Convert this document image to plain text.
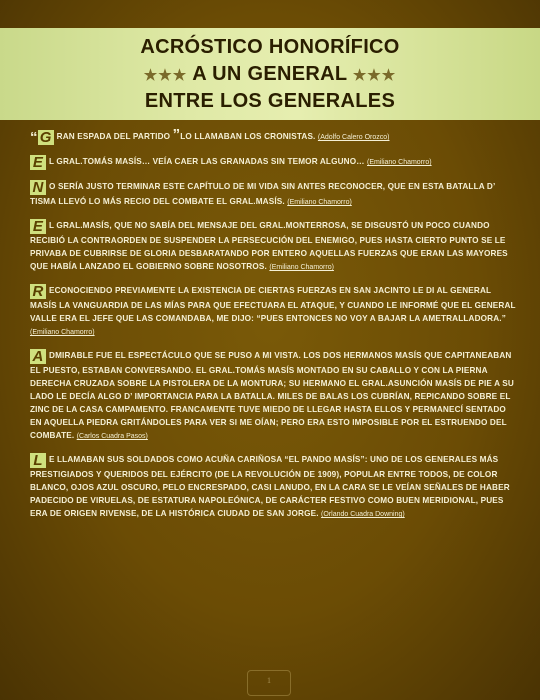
ACRÓSTICO HONORÍFICO
★★★ A UN GENERAL ★★★
ENTRE LOS GENERALES
“ G RAN ESPADA DEL PARTIDO ”LO LLAMABAN LOS CRONISTAS. (Adolfo Calero Orozco)
E L GRAL.TOMÁS MASÍS… VEÍA CAER LAS GRANADAS SIN TEMOR ALGUNO… (Emiliano Chamorro)
N O SERÍA JUSTO TERMINAR ESTE CAPÍTULO DE MI VIDA SIN ANTES RECONOCER, QUE EN ESTA BATALLA D’ TISMA LLEVÓ LO MÁS RECIO DEL COMBATE EL GRAL.MASÍS. (Emiliano Chamorro)
E L GRAL.MASÍS, QUE NO SABÍA DEL MENSAJE DEL GRAL.MONTERROSA, SE DISGUSTÓ UN POCO CUANDO RECIBIÓ LA CONTRAORDEN DE SUSPENDER LA PERSECUCIÓN DEL ENEMIGO, PUES HASTA CIERTO PUNTO SE LE PRIVABA DE CUBRIRSE DE GLORIA DESBARATANDO POR ENTERO AQUELLAS FUERZAS QUE ERAN LAS MAYORES QUE HABÍA LANZADO EL GOBIERNO SOBRE NOSOTROS. (Emiliano Chamorro)
R ECONOCIENDO PREVIAMENTE LA EXISTENCIA DE CIERTAS FUERZAS EN SAN JACINTO LE DI AL GENERAL MASÍS LA VANGUARDIA DE LAS MÍAS PARA QUE EFECTUARA EL ATAQUE, Y CUANDO LE INFORMÉ QUE EL GENERAL VALLE ERA EL JEFE QUE LAS COMANDABA, ME DIJO: “PUES ENTONCES NO VOY A BAJAR LA AMETRALLADORA.” (Emiliano Chamorro)
A DMIRABLE FUE EL ESPECTÁCULO QUE SE PUSO A MI VISTA. LOS DOS HERMANOS MASÍS QUE CAPITANEABAN EL PUESTO, ESTABAN CONVERSANDO. EL GRAL.TOMÁS MASÍS MONTADO EN SU CABALLO Y CON LA PIERNA DERECHA CRUZADA SOBRE LA PISTOLERA DE LA MONTURA; SU HERMANO EL GRAL.ASUNCIÓN MASÍS DE PIE A SU LADO LE DECÍA ALGO D’ IMPORTANCIA PARA LA BATALLA. MILES DE BALAS LOS CUBRÍAN, REPICANDO SOBRE EL ZINC DE LA CASA CAMPAMENTO. FRANCAMENTE TUVE MIEDO DE LLEGAR HASTA ELLOS Y PERMANECÍ SENTADO EN AQUELLA PIEDRA GRITÁNDOLES PARA VER SI ME OÍAN; PERO ERA ESTO IMPOSIBLE POR EL ESTRUENDO DEL COMBATE. (Carlos Cuadra Pasos)
L E LLAMABAN SUS SOLDADOS COMO ACUÑA CARIÑOSA “EL PANDO MASÍS”: UNO DE LOS GENERALES MÁS PRESTIGIADOS Y QUERIDOS DEL EJÉRCITO (DE LA REVOLUCIÓN DE 1909), POPULAR ENTRE TODOS, DE COLOR BLANCO, OJOS AZUL OSCURO, PELO ENCRESPADO, CASI LANUDO, EN LA CARA SE LE VEÍAN SEÑALES DE HABER PADECIDO DE VIRUELAS, DE ESTATURA NAPOLEÓNICA, DE CARÁCTER FESTIVO COMO BUEN MERIDIONAL, PUES ERA DE ORIGEN RIVENSE, DE LA HISTÓRICA CIUDAD DE SAN JORGE. (Orlando Cuadra Downing)
1
